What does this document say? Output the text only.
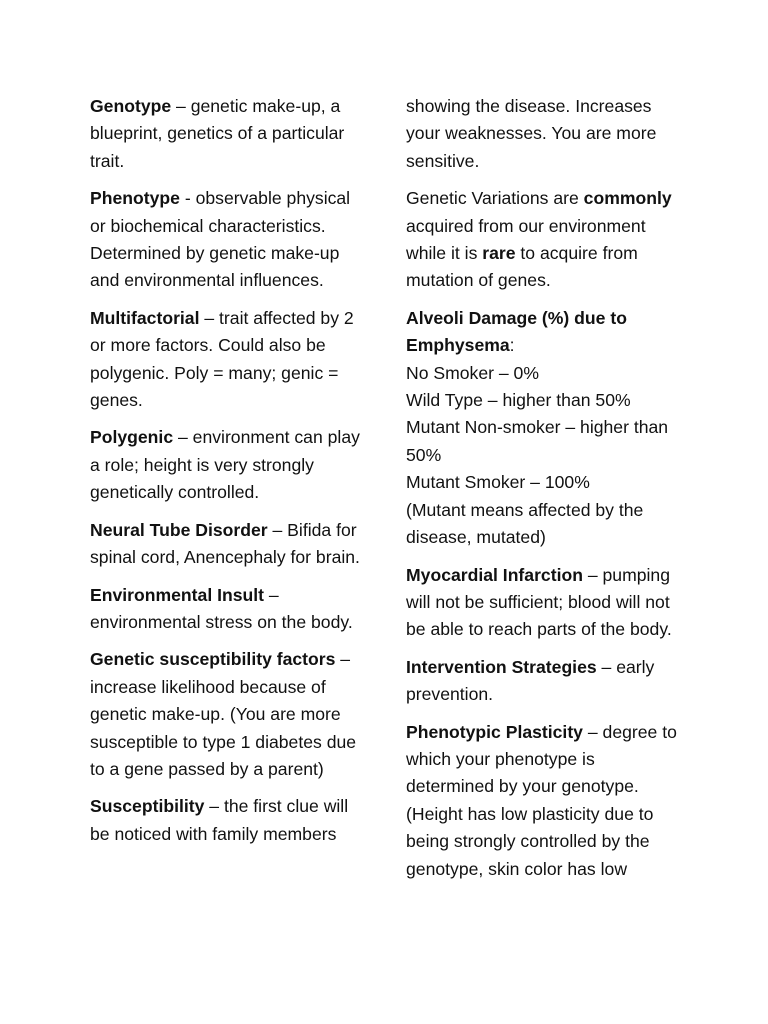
Genotype – genetic make-up, a blueprint, genetics of a particular trait.

Phenotype - observable physical or biochemical characteristics. Determined by genetic make-up and environmental influences.

Multifactorial – trait affected by 2 or more factors. Could also be polygenic. Poly = many; genic = genes.

Polygenic – environment can play a role; height is very strongly genetically controlled.

Neural Tube Disorder – Bifida for spinal cord, Anencephaly for brain.

Environmental Insult – environmental stress on the body.

Genetic susceptibility factors – increase likelihood because of genetic make-up. (You are more susceptible to type 1 diabetes due to a gene passed by a parent)

Susceptibility – the first clue will be noticed with family members

showing the disease. Increases your weaknesses. You are more sensitive.

Genetic Variations are commonly acquired from our environment while it is rare to acquire from mutation of genes.

Alveoli Damage (%) due to Emphysema:
No Smoker – 0%
Wild Type – higher than 50%
Mutant Non-smoker – higher than 50%
Mutant Smoker – 100%
(Mutant means affected by the disease, mutated)

Myocardial Infarction – pumping will not be sufficient; blood will not be able to reach parts of the body.

Intervention Strategies – early prevention.

Phenotypic Plasticity – degree to which your phenotype is determined by your genotype. (Height has low plasticity due to being strongly controlled by the genotype, skin color has low
